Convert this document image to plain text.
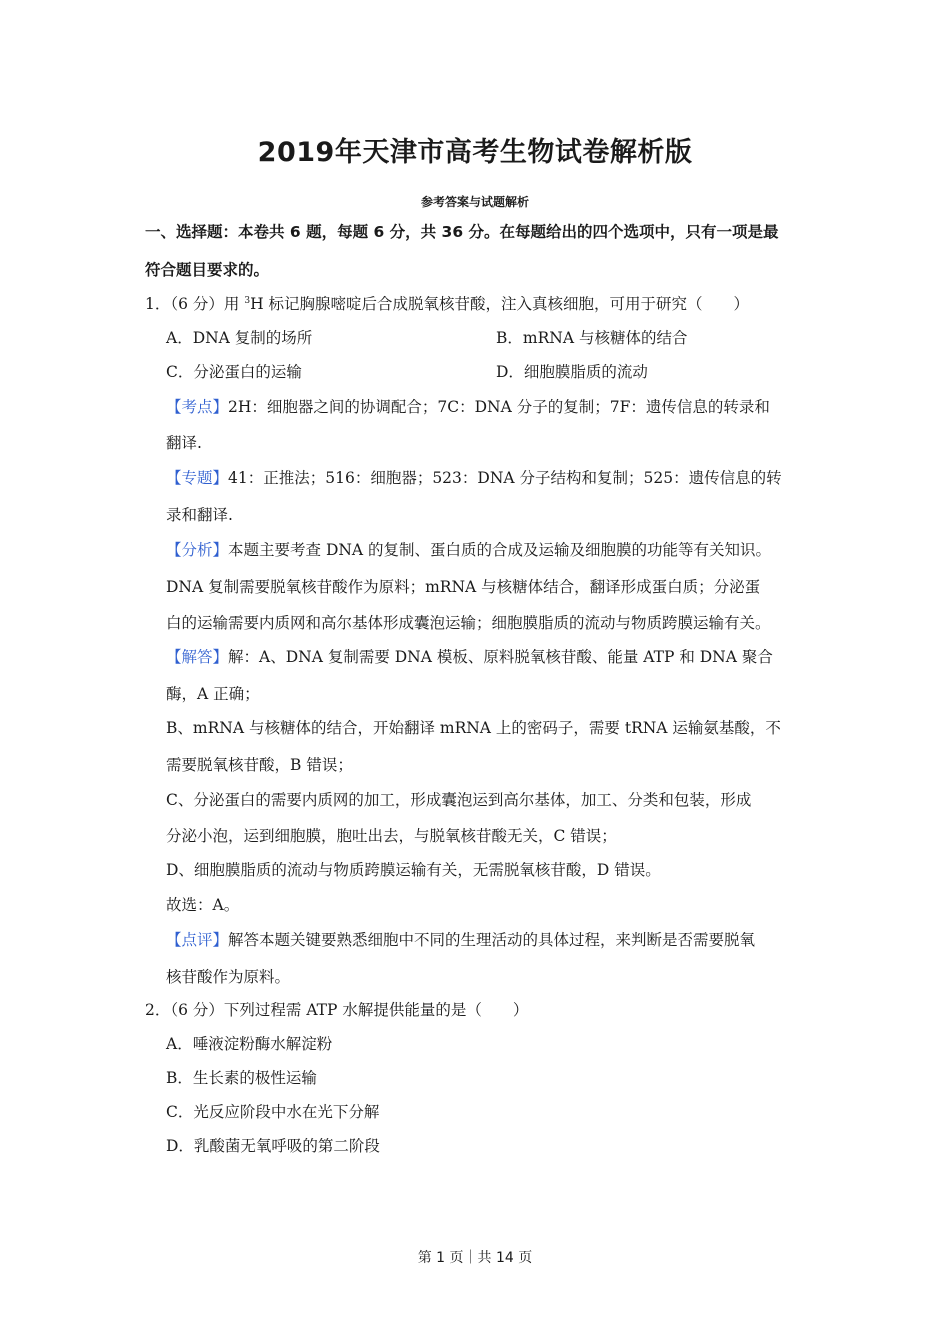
2019年天津市高考生物试卷解析版
参考答案与试题解析
一、选择题：本卷共 6 题，每题 6 分，共 36 分。在每题给出的四个选项中，只有一项是最
符合题目要求的。
1．（6 分）用 $^3$H 标记胸腺嘧啶后合成脱氧核苷酸，注入真核细胞，可用于研究（　　）
A．DNA 复制的场所	B．mRNA 与核糖体的结合
C．分泌蛋白的运输	D．细胞膜脂质的流动
【考点】2H：细胞器之间的协调配合；7C：DNA 分子的复制；7F：遗传信息的转录和
翻译.
【专题】41：正推法；516：细胞器；523：DNA 分子结构和复制；525：遗传信息的转
录和翻译.
【分析】本题主要考查 DNA 的复制、蛋白质的合成及运输及细胞膜的功能等有关知识。
DNA 复制需要脱氧核苷酸作为原料；mRNA 与核糖体结合，翻译形成蛋白质；分泌蛋
白的运输需要内质网和高尔基体形成囊泡运输；细胞膜脂质的流动与物质跨膜运输有关。
【解答】解：A、DNA 复制需要 DNA 模板、原料脱氧核苷酸、能量 ATP 和 DNA 聚合
酶，A 正确；
B、mRNA 与核糖体的结合，开始翻译 mRNA 上的密码子，需要 tRNA 运输氨基酸，不
需要脱氧核苷酸，B 错误；
C、分泌蛋白的需要内质网的加工，形成囊泡运到高尔基体，加工、分类和包装，形成
分泌小泡，运到细胞膜，胞吐出去，与脱氧核苷酸无关，C 错误；
D、细胞膜脂质的流动与物质跨膜运输有关，无需脱氧核苷酸，D 错误。
故选：A。
【点评】解答本题关键要熟悉细胞中不同的生理活动的具体过程，来判断是否需要脱氧
核苷酸作为原料。
2．（6 分）下列过程需 ATP 水解提供能量的是（　　）
A．唾液淀粉酶水解淀粉
B．生长素的极性运输
C．光反应阶段中水在光下分解
D．乳酸菌无氧呼吸的第二阶段
第 1 页｜共 14 页
